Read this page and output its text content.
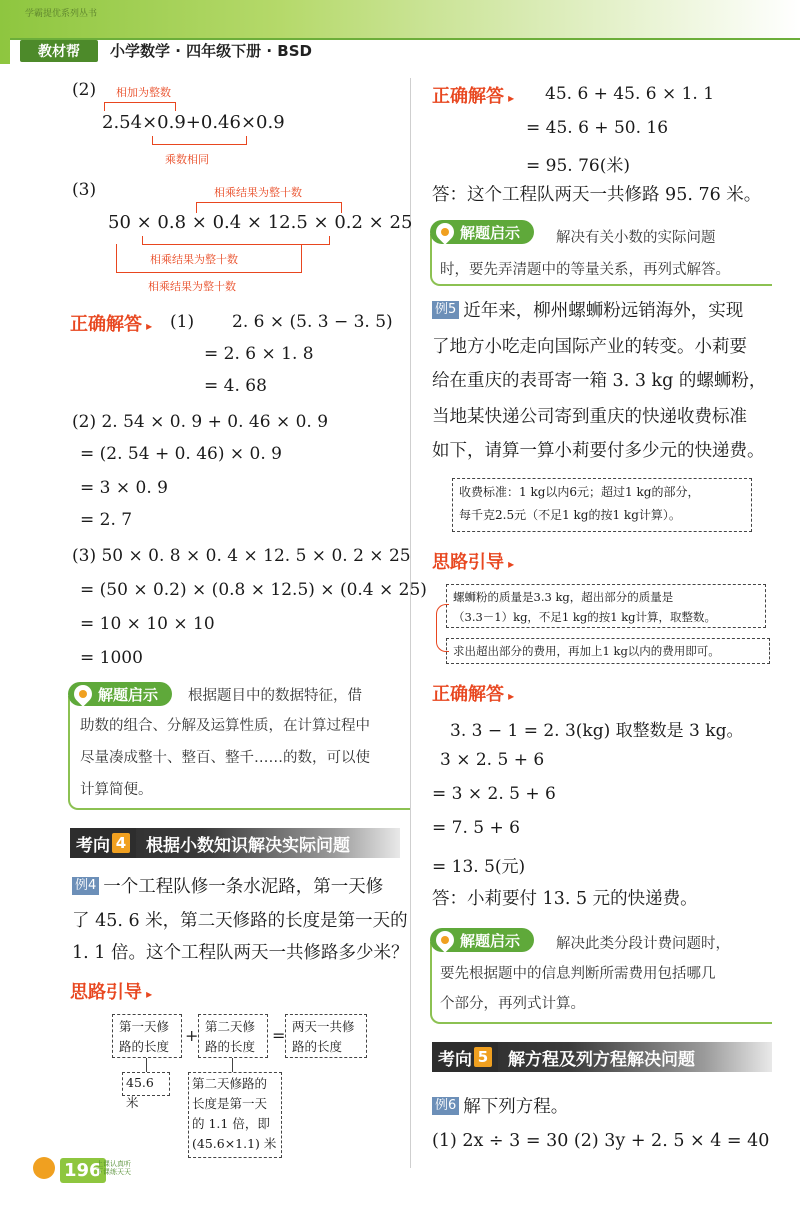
学霸提优系列丛书
教材帮	小学数学 · 四年级下册 · BSD
(2) 相加为整数
2.54×0.9+0.46×0.9
乘数相同
(3)	相乘结果为整十数
50 × 0.8 × 0.4 × 12.5 × 0.2 × 25
相乘结果为整十数
相乘结果为整十数
正确解答 ▸ (1) 2. 6 × (5. 3 − 3. 5)
= 2. 6 × 1. 8
= 4. 68
(2) 2. 54 × 0. 9 + 0. 46 × 0. 9
= (2. 54 + 0. 46) × 0. 9
= 3 × 0. 9
= 2. 7
(3) 50 × 0. 8 × 0. 4 × 12. 5 × 0. 2 × 25
= (50 × 0.2) × (0.8 × 12.5) × (0.4 × 25)
= 10 × 10 × 10
= 1000
解题启示 根据题目中的数据特征，借
助数的组合、分解及运算性质，在计算过程中
尽量凑成整十、整百、整千……的数，可以使
计算简便。
考向 4	根据小数知识解决实际问题
例4 一个工程队修一条水泥路，第一天修
了 45. 6 米，第二天修路的长度是第一天的
1. 1 倍。这个工程队两天一共修路多少米？
思路引导 ▸
第一天修
路的长度
+ 第二天修
路的长度
= 两天一共修
路的长度
45.6米
第二天修路的
长度是第一天
的 1.1 倍，即
(45.6×1.1) 米
196
上课认真听
下课练天天
正确解答 ▸ 45. 6 + 45. 6 × 1. 1
= 45. 6 + 50. 16
= 95. 76(米)
答：这个工程队两天一共修路 95. 76 米。
解题启示 解决有关小数的实际问题
时，要先弄清题中的等量关系，再列式解答。
例5 近年来，柳州螺蛳粉远销海外，实现
了地方小吃走向国际产业的转变。小莉要
给在重庆的表哥寄一箱 3. 3 kg 的螺蛳粉，
当地某快递公司寄到重庆的快递收费标准
如下，请算一算小莉要付多少元的快递费。
收费标准：1 kg以内6元；超过1 kg的部分，
每千克2.5元（不足1 kg的按1 kg计算）。
思路引导 ▸
螺蛳粉的质量是3.3 kg，超出部分的质量是
（3.3－1）kg，不足1 kg的按1 kg计算，取整数。
求出超出部分的费用，再加上1 kg以内的费用即可。
正确解答 ▸
3. 3 − 1 = 2. 3(kg) 取整数是 3 kg。
3 × 2. 5 + 6
= 3 × 2. 5 + 6
= 7. 5 + 6
= 13. 5(元)
答：小莉要付 13. 5 元的快递费。
解题启示 解决此类分段计费问题时，
要先根据题中的信息判断所需费用包括哪几
个部分，再列式计算。
考向 5	解方程及列方程解决问题
例6 解下列方程。
(1) 2x ÷ 3 = 30 (2) 3y + 2. 5 × 4 = 40
